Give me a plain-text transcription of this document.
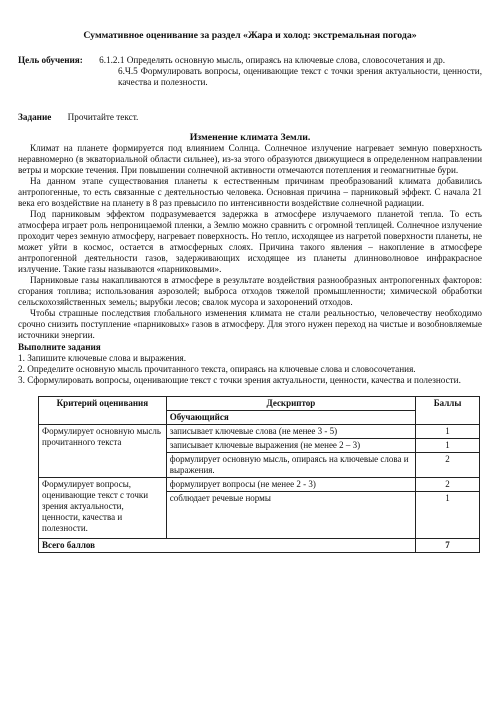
Суммативное оценивание за раздел «Жара и холод: экстремальная погода»

Цель обучения: 6.1.2.1 Определять основную мысль, опираясь на ключевые слова, словосочетания и др.

6.Ч.5 Формулировать вопросы, оценивающие текст с точки зрения актуальности, ценности, качества и полезности.

Задание Прочитайте текст.

Изменение климата Земли.

Климат на планете формируется под влиянием Солнца. Солнечное излучение нагревает земную поверхность неравномерно (в экваториальной области сильнее), из-за этого образуются движущиеся в определенном направлении ветры и морские течения. При повышении солнечной активности отмечаются потепления и геомагнитные бури.

На данном этапе существования планеты к естественным причинам преобразований климата добавились антропогенные, то есть связанные с деятельностью человека. Основная причина – парниковый эффект. С начала 21 века его воздействие на планету в 8 раз превысило по интенсивности воздействие солнечной радиации.

Под парниковым эффектом подразумевается задержка в атмосфере излучаемого планетой тепла. То есть атмосфера играет роль непроницаемой пленки, а Землю можно сравнить с огромной теплицей. Солнечное излучение проходит через земную атмосферу, нагревает поверхность. Но тепло, исходящее из нагретой поверхности планеты, не может уйти в космос, остается в атмосферных слоях. Причина такого явления – накопление в атмосфере антропогенной деятельности газов, задерживающих исходящее из планеты длинноволновое инфракрасное излучение. Такие газы называются «парниковыми».

Парниковые газы накапливаются в атмосфере в результате воздействия разнообразных антропогенных факторов: сгорания топлива; использования аэрозолей; выброса отходов тяжелой промышленности; химической обработки сельскохозяйственных земель; вырубки лесов; свалок мусора и захоронений отходов.

Чтобы страшные последствия глобального изменения климата не стали реальностью, человечеству необходимо срочно снизить поступление «парниковых» газов в атмосферу. Для этого нужен переход на чистые и возобновляемые источники энергии.

Выполните задания

1. Запишите ключевые слова и выражения.

2. Определите основную мысль прочитанного текста, опираясь на ключевые слова и словосочетания.

3. Сформулировать вопросы, оценивающие текст с точки зрения актуальности, ценности, качества и полезности.

Критерий оценивания	Дескриптор	Баллы
	Обучающийся	
Формулирует основную мысль прочитанного текста	записывает ключевые слова (не менее 3 - 5)	1
	записывает ключевые выражения (не менее 2 – 3)	1
	формулирует основную мысль, опираясь на ключевые слова и выражения.	2
Формулирует вопросы, оценивающие текст с точки зрения актуальности, ценности, качества и полезности.	формулирует вопросы (не менее 2 - 3)	2
	соблюдает речевые нормы	1
Всего баллов		7
